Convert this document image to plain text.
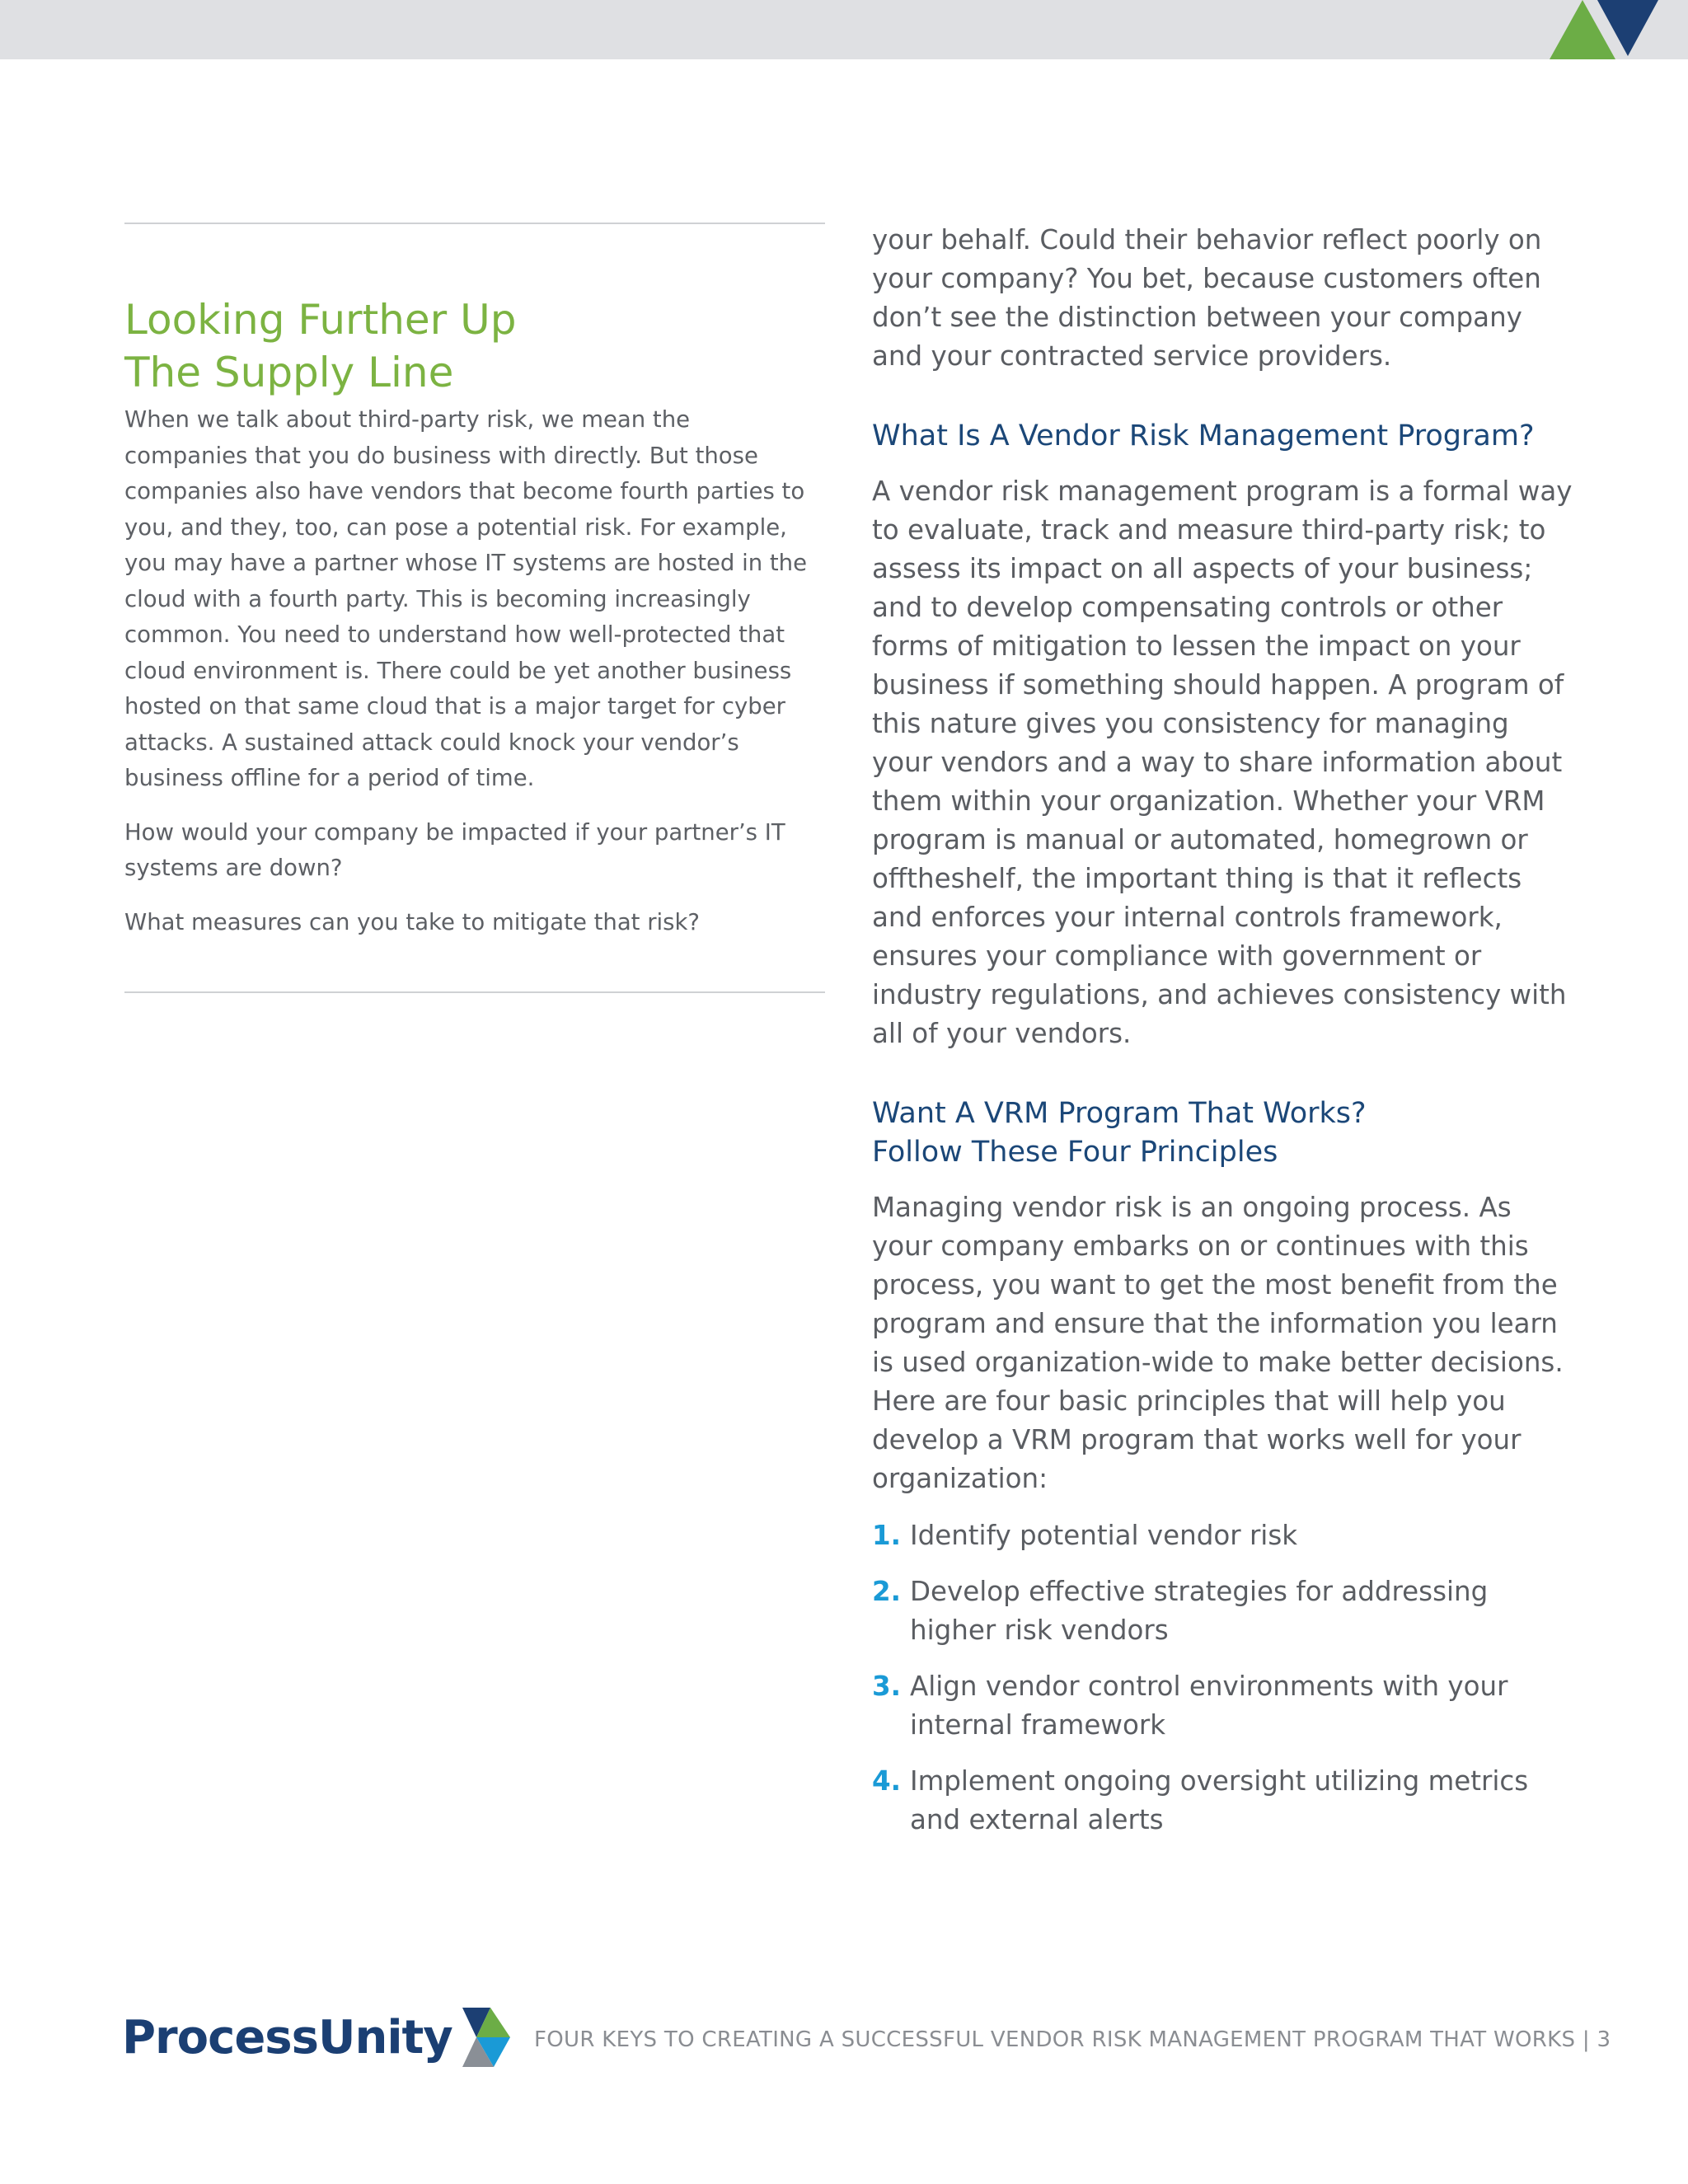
Looking Further Up
The Supply Line

When we talk about third-party risk, we mean the companies that you do business with directly. But those companies also have vendors that become fourth parties to you, and they, too, can pose a potential risk. For example, you may have a partner whose IT systems are hosted in the cloud with a fourth party. This is becoming increasingly common. You need to understand how well-protected that cloud environment is. There could be yet another business hosted on that same cloud that is a major target for cyber attacks. A sustained attack could knock your vendor’s business offline for a period of time.

How would your company be impacted if your partner’s IT systems are down?

What measures can you take to mitigate that risk?

your behalf. Could their behavior reflect poorly on your company? You bet, because customers often don’t see the distinction between your company and your contracted service providers.

What Is A Vendor Risk Management Program?

A vendor risk management program is a formal way to evaluate, track and measure third-party risk; to assess its impact on all aspects of your business; and to develop compensating controls or other forms of mitigation to lessen the impact on your business if something should happen. A program of this nature gives you consistency for managing your vendors and a way to share information about them within your organization. Whether your VRM program is manual or automated, homegrown or offtheshelf, the important thing is that it reflects and enforces your internal controls framework, ensures your compliance with government or industry regulations, and achieves consistency with all of your vendors.

Want A VRM Program That Works?
Follow These Four Principles

Managing vendor risk is an ongoing process. As your company embarks on or continues with this process, you want to get the most benefit from the program and ensure that the information you learn is used organization-wide to make better decisions. Here are four basic principles that will help you develop a VRM program that works well for your organization:

1. Identify potential vendor risk
2. Develop effective strategies for addressing higher risk vendors
3. Align vendor control environments with your internal framework
4. Implement ongoing oversight utilizing metrics and external alerts
ProcessUnity	FOUR KEYS TO CREATING A SUCCESSFUL VENDOR RISK MANAGEMENT PROGRAM THAT WORKS | 3
